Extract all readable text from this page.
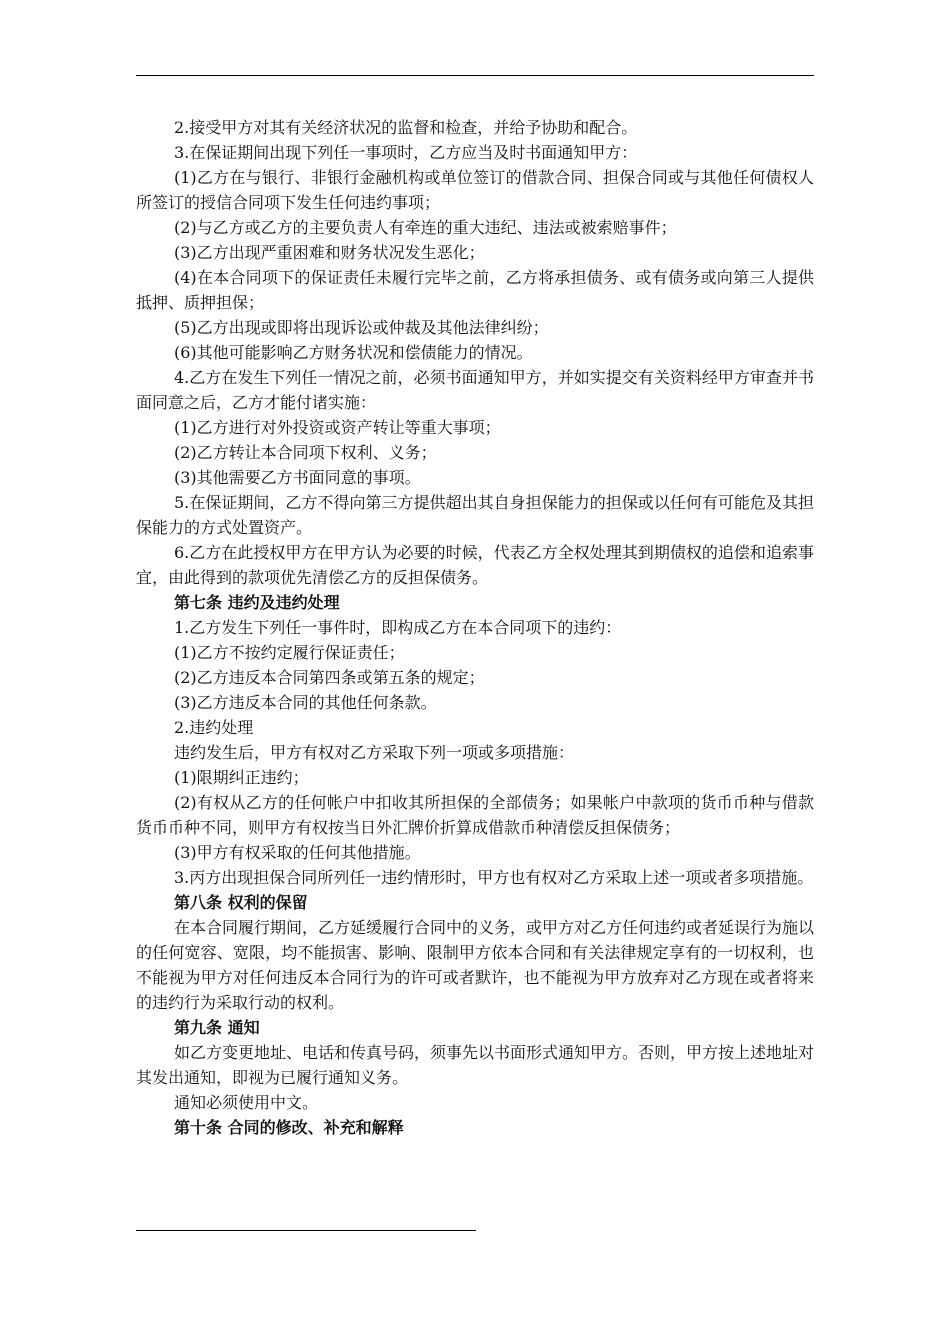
2.接受甲方对其有关经济状况的监督和检查，并给予协助和配合。

3.在保证期间出现下列任一事项时，乙方应当及时书面通知甲方：

(1)乙方在与银行、非银行金融机构或单位签订的借款合同、担保合同或与其他任何债权人所签订的授信合同项下发生任何违约事项；

(2)与乙方或乙方的主要负责人有牵连的重大违纪、违法或被索赔事件；

(3)乙方出现严重困难和财务状况发生恶化；

(4)在本合同项下的保证责任未履行完毕之前，乙方将承担债务、或有债务或向第三人提供抵押、质押担保；

(5)乙方出现或即将出现诉讼或仲裁及其他法律纠纷；

(6)其他可能影响乙方财务状况和偿债能力的情况。

4.乙方在发生下列任一情况之前，必须书面通知甲方，并如实提交有关资料经甲方审查并书面同意之后，乙方才能付诸实施：

(1)乙方进行对外投资或资产转让等重大事项；

(2)乙方转让本合同项下权利、义务；

(3)其他需要乙方书面同意的事项。

5.在保证期间，乙方不得向第三方提供超出其自身担保能力的担保或以任何有可能危及其担保能力的方式处置资产。

6.乙方在此授权甲方在甲方认为必要的时候，代表乙方全权处理其到期债权的追偿和追索事宜，由此得到的款项优先清偿乙方的反担保债务。

第七条 违约及违约处理

1.乙方发生下列任一事件时，即构成乙方在本合同项下的违约：

(1)乙方不按约定履行保证责任；

(2)乙方违反本合同第四条或第五条的规定；

(3)乙方违反本合同的其他任何条款。

2.违约处理

违约发生后，甲方有权对乙方采取下列一项或多项措施：

(1)限期纠正违约；

(2)有权从乙方的任何帐户中扣收其所担保的全部债务；如果帐户中款项的货币币种与借款货币币种不同，则甲方有权按当日外汇牌价折算成借款币种清偿反担保债务；

(3)甲方有权采取的任何其他措施。

3.丙方出现担保合同所列任一违约情形时，甲方也有权对乙方采取上述一项或者多项措施。

第八条 权利的保留

在本合同履行期间，乙方延缓履行合同中的义务，或甲方对乙方任何违约或者延误行为施以的任何宽容、宽限，均不能损害、影响、限制甲方依本合同和有关法律规定享有的一切权利，也不能视为甲方对任何违反本合同行为的许可或者默许，也不能视为甲方放弃对乙方现在或者将来的违约行为采取行动的权利。

第九条 通知

如乙方变更地址、电话和传真号码，须事先以书面形式通知甲方。否则，甲方按上述地址对其发出通知，即视为已履行通知义务。

通知必须使用中文。

第十条 合同的修改、补充和解释
